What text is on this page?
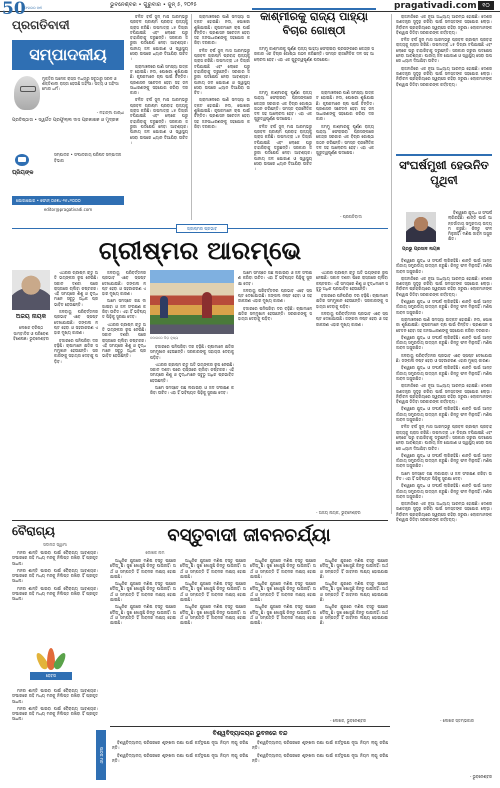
50
ସଫଳତାର ବର୍ଷ	ଭୁବନେଶ୍ବର • ଗୁରୁବାର • ଜୁନ୍ ୫, ୨୦୨୫	pragativadi.com ୧୦
ପ୍ରଗତିବାଦୀ
ସମ୍ପାଦକୀୟ
ମୁକ୍ତିର ଅନେକ ରାସ୍ତା ମଧ୍ୟରୁ ସବୁଠାରୁ ସରଳ ଓ ଶକ୍ତିଶାଳୀ ରାସ୍ତା ହେଉଛି ଅହିଂସା। ସତ୍ୟ ଓ ଅହିଂସା ମୋର ଧର୍ମ।
- ମହାତ୍ମା ଗାନ୍ଧୀ
ପ୍ରତିଷ୍ଠାତା • ସ୍ୱର୍ଗତ ପ୍ରଫୁଲ୍ଲ ଦାସ ପ୍ରକାଶକ ଓ ମୁଦ୍ରକ
ପ୍ରିୟଙ୍କ
ସମ୍ପାଦକ • ସଂପାଦକୀୟ ପରିଷଦ ସମ୍ପାଦନା ବିଭାଗ
ଯୋଗାଯୋଗ • ଫୋନ୍ ୦୬୭୪-୨୫୪୨୦୦୦
editor@pragativadi.com

ଚଳିତ ବର୍ଷ ଜୁନ୍ ମାସ ଆରମ୍ଭରୁ ପ୍ରବଳ ଗ୍ରୀଷ୍ମ ପ୍ରବାହ ରାଜ୍ୟକୁ ଗ୍ରାସ କରିଛି। ତାପମାତ୍ରା ୪୫ ଡିଗ୍ରୀ ଟପିଯାଇଛି ଏବଂ ଲୋକେ ଘରୁ ବାହାରିବାକୁ ଡରୁଛନ୍ତି। ସରକାର ଜରୁରୀ ପଦକ୍ଷେପ ନେବା ଆବଶ୍ୟକ। ପାନୀୟ ଜଳ ଯୋଗାଣ ଓ ସ୍ୱାସ୍ଥ୍ୟ ସେବା ଉପରେ ଧ୍ୟାନ ଦିଆଯିବା ଉଚିତ।

ଗ୍ରାମାଞ୍ଚଳରେ ପାଣି ସମସ୍ୟା ଉତ୍କଟ ହୋଇଛି। ନଦୀ, ପୋଖରୀ ଶୁଖିଯାଇଛି। କୃଷକମାନେ ଚାଷ ପାଇଁ ଚିନ୍ତିତ। ପ୍ରଶାସନ ସଚେତନ ହେବା ସହ ଜନସାଧାରଣଙ୍କୁ ସହଯୋଗ କରିବା ଦରକାର।

ଚଳିତ ବର୍ଷ ଜୁନ୍ ମାସ ଆରମ୍ଭରୁ ପ୍ରବଳ ଗ୍ରୀଷ୍ମ ପ୍ରବାହ ରାଜ୍ୟକୁ ଗ୍ରାସ କରିଛି। ତାପମାତ୍ରା ୪୫ ଡିଗ୍ରୀ ଟପିଯାଇଛି ଏବଂ ଲୋକେ ଘରୁ ବାହାରିବାକୁ ଡରୁଛନ୍ତି। ସରକାର ଜରୁରୀ ପଦକ୍ଷେପ ନେବା ଆବଶ୍ୟକ। ପାନୀୟ ଜଳ ଯୋଗାଣ ଓ ସ୍ୱାସ୍ଥ୍ୟ ସେବା ଉପରେ ଧ୍ୟାନ ଦିଆଯିବା ଉଚିତ।

ଗ୍ରାମାଞ୍ଚଳରେ ପାଣି ସମସ୍ୟା ଉତ୍କଟ ହୋଇଛି। ନଦୀ, ପୋଖରୀ ଶୁଖିଯାଇଛି। କୃଷକମାନେ ଚାଷ ପାଇଁ ଚିନ୍ତିତ। ପ୍ରଶାସନ ସଚେତନ ହେବା ସହ ଜନସାଧାରଣଙ୍କୁ ସହଯୋଗ କରିବା ଦରକାର।

ଚଳିତ ବର୍ଷ ଜୁନ୍ ମାସ ଆରମ୍ଭରୁ ପ୍ରବଳ ଗ୍ରୀଷ୍ମ ପ୍ରବାହ ରାଜ୍ୟକୁ ଗ୍ରାସ କରିଛି। ତାପମାତ୍ରା ୪୫ ଡିଗ୍ରୀ ଟପିଯାଇଛି ଏବଂ ଲୋକେ ଘରୁ ବାହାରିବାକୁ ଡରୁଛନ୍ତି। ସରକାର ଜରୁରୀ ପଦକ୍ଷେପ ନେବା ଆବଶ୍ୟକ। ପାନୀୟ ଜଳ ଯୋଗାଣ ଓ ସ୍ୱାସ୍ଥ୍ୟ ସେବା ଉପରେ ଧ୍ୟାନ ଦିଆଯିବା ଉଚିତ।

ଗ୍ରାମାଞ୍ଚଳରେ ପାଣି ସମସ୍ୟା ଉତ୍କଟ ହୋଇଛି। ନଦୀ, ପୋଖରୀ ଶୁଖିଯାଇଛି। କୃଷକମାନେ ଚାଷ ପାଇଁ ଚିନ୍ତିତ। ପ୍ରଶାସନ ସଚେତନ ହେବା ସହ ଜନସାଧାରଣଙ୍କୁ ସହଯୋଗ କରିବା ଦରକାର।

କାଶ୍ମୀରକୁ ରାଜ୍ୟ ପାହ୍ୟା ବିଚାର ଗୋଷ୍ଠୀ

ଜମ୍ମୁ କାଶ୍ମୀରକୁ ପୂର୍ଣ୍ଣ ରାଜ୍ୟ ପାହ୍ୟା ଫେରାଇବା ପ୍ରସଙ୍ଗରେ କେନ୍ଦ୍ର ସରକାର ଏକ ବିଚାର ଗୋଷ୍ଠୀ ଗଠନ କରିଛନ୍ତି। ସମସ୍ତ ରାଜନୈତିକ ଦଳ ସହ ଆଲୋଚନା ହେବ। ଏହା ଏକ ଗୁରୁତ୍ୱପୂର୍ଣ୍ଣ ପଦକ୍ଷେପ।

ଜମ୍ମୁ କାଶ୍ମୀରକୁ ପୂର୍ଣ୍ଣ ରାଜ୍ୟ ପାହ୍ୟା ଫେରାଇବା ପ୍ରସଙ୍ଗରେ କେନ୍ଦ୍ର ସରକାର ଏକ ବିଚାର ଗୋଷ୍ଠୀ ଗଠନ କରିଛନ୍ତି। ସମସ୍ତ ରାଜନୈତିକ ଦଳ ସହ ଆଲୋଚନା ହେବ। ଏହା ଏକ ଗୁରୁତ୍ୱପୂର୍ଣ୍ଣ ପଦକ୍ଷେପ।

ଚଳିତ ବର୍ଷ ଜୁନ୍ ମାସ ଆରମ୍ଭରୁ ପ୍ରବଳ ଗ୍ରୀଷ୍ମ ପ୍ରବାହ ରାଜ୍ୟକୁ ଗ୍ରାସ କରିଛି। ତାପମାତ୍ରା ୪୫ ଡିଗ୍ରୀ ଟପିଯାଇଛି ଏବଂ ଲୋକେ ଘରୁ ବାହାରିବାକୁ ଡରୁଛନ୍ତି। ସରକାର ଜରୁରୀ ପଦକ୍ଷେପ ନେବା ଆବଶ୍ୟକ। ପାନୀୟ ଜଳ ଯୋଗାଣ ଓ ସ୍ୱାସ୍ଥ୍ୟ ସେବା ଉପରେ ଧ୍ୟାନ ଦିଆଯିବା ଉଚିତ।

ଗ୍ରାମାଞ୍ଚଳରେ ପାଣି ସମସ୍ୟା ଉତ୍କଟ ହୋଇଛି। ନଦୀ, ପୋଖରୀ ଶୁଖିଯାଇଛି। କୃଷକମାନେ ଚାଷ ପାଇଁ ଚିନ୍ତିତ। ପ୍ରଶାସନ ସଚେତନ ହେବା ସହ ଜନସାଧାରଣଙ୍କୁ ସହଯୋଗ କରିବା ଦରକାର।

ଜମ୍ମୁ କାଶ୍ମୀରକୁ ପୂର୍ଣ୍ଣ ରାଜ୍ୟ ପାହ୍ୟା ଫେରାଇବା ପ୍ରସଙ୍ଗରେ କେନ୍ଦ୍ର ସରକାର ଏକ ବିଚାର ଗୋଷ୍ଠୀ ଗଠନ କରିଛନ୍ତି। ସମସ୍ତ ରାଜନୈତିକ ଦଳ ସହ ଆଲୋଚନା ହେବ। ଏହା ଏକ ଗୁରୁତ୍ୱପୂର୍ଣ୍ଣ ପଦକ୍ଷେପ।

- ପ୍ରଗତିବାଦୀ

ରାଜନୀତିରେ ଏକ ନୂଆ ଅଧ୍ୟାୟ ଆରମ୍ଭ ହୋଇଛି। ଦେଶର ଗଣତନ୍ତ୍ର ସୁଦୃଢ଼ କରିବା ପାଇଁ ସମସ୍ତଙ୍କ ସହଯୋଗ ଲୋଡ଼ା। ନିର୍ବାଚନ ପ୍ରକ୍ରିୟାରେ ସ୍ୱଚ୍ଛତା ରହିବା ଜରୁରୀ। ଲୋକମାନଙ୍କ ବିଶ୍ୱାସ ଜିତିବା ସରକାରଙ୍କ କର୍ତ୍ତବ୍ୟ।

ଚଳିତ ବର୍ଷ ଜୁନ୍ ମାସ ଆରମ୍ଭରୁ ପ୍ରବଳ ଗ୍ରୀଷ୍ମ ପ୍ରବାହ ରାଜ୍ୟକୁ ଗ୍ରାସ କରିଛି। ତାପମାତ୍ରା ୪୫ ଡିଗ୍ରୀ ଟପିଯାଇଛି ଏବଂ ଲୋକେ ଘରୁ ବାହାରିବାକୁ ଡରୁଛନ୍ତି। ସରକାର ଜରୁରୀ ପଦକ୍ଷେପ ନେବା ଆବଶ୍ୟକ। ପାନୀୟ ଜଳ ଯୋଗାଣ ଓ ସ୍ୱାସ୍ଥ୍ୟ ସେବା ଉପରେ ଧ୍ୟାନ ଦିଆଯିବା ଉଚିତ।

ରାଜନୀତିରେ ଏକ ନୂଆ ଅଧ୍ୟାୟ ଆରମ୍ଭ ହୋଇଛି। ଦେଶର ଗଣତନ୍ତ୍ର ସୁଦୃଢ଼ କରିବା ପାଇଁ ସମସ୍ତଙ୍କ ସହଯୋଗ ଲୋଡ଼ା। ନିର୍ବାଚନ ପ୍ରକ୍ରିୟାରେ ସ୍ୱଚ୍ଛତା ରହିବା ଜରୁରୀ। ଲୋକମାନଙ୍କ ବିଶ୍ୱାସ ଜିତିବା ସରକାରଙ୍କ କର୍ତ୍ତବ୍ୟ।

ଗ୍ରୀଷ୍ମର ପ୍ରଭାବ
ଗ୍ରୀଷ୍ମର ଆରମ୍ଭେ
ଅଜୟ ନାୟକ
ଲେଖକ ବରିଷ୍ଠ ସାମ୍ବାଦିକ ଓ ପରିବେଶ ବିଶେଷଜ୍ଞ। ଭୁବନେଶ୍ବର

ଏଥରର ଗ୍ରୀଷ୍ମ ଋତୁ ଅତି ଭୟଙ୍କର ରୂପ ନେଇଛି। ସକାଳ ଦଶଟା ପରେ ରାସ୍ତାରେ ଚାଲିବା କଷ୍ଟକର। ଏହି ସମୟରେ ଶିଶୁ ଓ ବୃଦ୍ଧମାନେ ସବୁଠୁ ଅଧିକ ପ୍ରଭାବିତ ହେଉଛନ୍ତି।

ଜଳବାୟୁ ପରିବର୍ତ୍ତନର ପ୍ରଭାବ ଏବେ ସ୍ପଷ୍ଟ ଦେଖାଯାଉଛି। ଜଙ୍ଗଲ ନଷ୍ଟ ହେବା ଓ ସହରୀକରଣ ଏହାର ମୁଖ୍ୟ କାରଣ।

ବଜାରରେ ପନିପରିବା ଦର ବଢ଼ିଛି। ଚାଷୀମାନେ କ୍ଷତିର ସମ୍ମୁଖୀନ ହେଉଛନ୍ତି। ସରକାରଙ୍କୁ ସହାୟତା ଦେବାକୁ ପଡ଼ିବ।

ଜଳବାୟୁ ପରିବର୍ତ୍ତନର ପ୍ରଭାବ ଏବେ ସ୍ପଷ୍ଟ ଦେଖାଯାଉଛି। ଜଙ୍ଗଲ ନଷ୍ଟ ହେବା ଓ ସହରୀକରଣ ଏହାର ମୁଖ୍ୟ କାରଣ।

ଆମେ ସମସ୍ତେ ଗଛ ଲଗାଇବା ଓ ଜଳ ସଂରକ୍ଷଣ କରିବା ଉଚିତ। ଏହା ହିଁ ଭବିଷ୍ୟତ ପିଢ଼ିକୁ ସୁରକ୍ଷା ଦେବ।

ଏଥରର ଗ୍ରୀଷ୍ମ ଋତୁ ଅତି ଭୟଙ୍କର ରୂପ ନେଇଛି। ସକାଳ ଦଶଟା ପରେ ରାସ୍ତାରେ ଚାଲିବା କଷ୍ଟକର। ଏହି ସମୟରେ ଶିଶୁ ଓ ବୃଦ୍ଧମାନେ ସବୁଠୁ ଅଧିକ ପ୍ରଭାବିତ ହେଉଛନ୍ତି।

ବଜାରରେ ଭିଡ଼ ଦୃଶ୍ୟ

ବଜାରରେ ପନିପରିବା ଦର ବଢ଼ିଛି। ଚାଷୀମାନେ କ୍ଷତିର ସମ୍ମୁଖୀନ ହେଉଛନ୍ତି। ସରକାରଙ୍କୁ ସହାୟତା ଦେବାକୁ ପଡ଼ିବ।

ଏଥରର ଗ୍ରୀଷ୍ମ ଋତୁ ଅତି ଭୟଙ୍କର ରୂପ ନେଇଛି। ସକାଳ ଦଶଟା ପରେ ରାସ୍ତାରେ ଚାଲିବା କଷ୍ଟକର। ଏହି ସମୟରେ ଶିଶୁ ଓ ବୃଦ୍ଧମାନେ ସବୁଠୁ ଅଧିକ ପ୍ରଭାବିତ ହେଉଛନ୍ତି।

ଆମେ ସମସ୍ତେ ଗଛ ଲଗାଇବା ଓ ଜଳ ସଂରକ୍ଷଣ କରିବା ଉଚିତ। ଏହା ହିଁ ଭବିଷ୍ୟତ ପିଢ଼ିକୁ ସୁରକ୍ଷା ଦେବ।

ଆମେ ସମସ୍ତେ ଗଛ ଲଗାଇବା ଓ ଜଳ ସଂରକ୍ଷଣ କରିବା ଉଚିତ। ଏହା ହିଁ ଭବିଷ୍ୟତ ପିଢ଼ିକୁ ସୁରକ୍ଷା ଦେବ।

ଜଳବାୟୁ ପରିବର୍ତ୍ତନର ପ୍ରଭାବ ଏବେ ସ୍ପଷ୍ଟ ଦେଖାଯାଉଛି। ଜଙ୍ଗଲ ନଷ୍ଟ ହେବା ଓ ସହରୀକରଣ ଏହାର ମୁଖ୍ୟ କାରଣ।

ବଜାରରେ ପନିପରିବା ଦର ବଢ଼ିଛି। ଚାଷୀମାନେ କ୍ଷତିର ସମ୍ମୁଖୀନ ହେଉଛନ୍ତି। ସରକାରଙ୍କୁ ସହାୟତା ଦେବାକୁ ପଡ଼ିବ।

ଏଥରର ଗ୍ରୀଷ୍ମ ଋତୁ ଅତି ଭୟଙ୍କର ରୂପ ନେଇଛି। ସକାଳ ଦଶଟା ପରେ ରାସ୍ତାରେ ଚାଲିବା କଷ୍ଟକର। ଏହି ସମୟରେ ଶିଶୁ ଓ ବୃଦ୍ଧମାନେ ସବୁଠୁ ଅଧିକ ପ୍ରଭାବିତ ହେଉଛନ୍ତି।

ବଜାରରେ ପନିପରିବା ଦର ବଢ଼ିଛି। ଚାଷୀମାନେ କ୍ଷତିର ସମ୍ମୁଖୀନ ହେଉଛନ୍ତି। ସରକାରଙ୍କୁ ସହାୟତା ଦେବାକୁ ପଡ଼ିବ।

ଜଳବାୟୁ ପରିବର୍ତ୍ତନର ପ୍ରଭାବ ଏବେ ସ୍ପଷ୍ଟ ଦେଖାଯାଉଛି। ଜଙ୍ଗଲ ନଷ୍ଟ ହେବା ଓ ସହରୀକରଣ ଏହାର ମୁଖ୍ୟ କାରଣ।

- ଅଜୟ ନାୟକ, ଭୁବନେଶ୍ବର
ସଂଘର୍ଷମୁଖୀ ହେଉନିତ ପୃଥିବୀ
ପ୍ରଭୁ ପ୍ରସାଦ ନାୟକ

ବିଶ୍ୱରେ ଯୁଦ୍ଧ ଓ ସଂଘର୍ଷ ଲାଗିରହିଛି। ଶାନ୍ତି ପାଇଁ ଆନ୍ତର୍ଜାତୀୟ ସମ୍ପ୍ରଦାୟ ଉଦ୍ୟମ କରୁଛି। କିନ୍ତୁ ଫଳ ମିଳୁନାହିଁ। ମଣିଷ ଜୀବନ ଅସୁରକ୍ଷିତ।

ବିଶ୍ୱରେ ଯୁଦ୍ଧ ଓ ସଂଘର୍ଷ ଲାଗିରହିଛି। ଶାନ୍ତି ପାଇଁ ଆନ୍ତର୍ଜାତୀୟ ସମ୍ପ୍ରଦାୟ ଉଦ୍ୟମ କରୁଛି। କିନ୍ତୁ ଫଳ ମିଳୁନାହିଁ। ମଣିଷ ଜୀବନ ଅସୁରକ୍ଷିତ।

ରାଜନୀତିରେ ଏକ ନୂଆ ଅଧ୍ୟାୟ ଆରମ୍ଭ ହୋଇଛି। ଦେଶର ଗଣତନ୍ତ୍ର ସୁଦୃଢ଼ କରିବା ପାଇଁ ସମସ୍ତଙ୍କ ସହଯୋଗ ଲୋଡ଼ା। ନିର୍ବାଚନ ପ୍ରକ୍ରିୟାରେ ସ୍ୱଚ୍ଛତା ରହିବା ଜରୁରୀ। ଲୋକମାନଙ୍କ ବିଶ୍ୱାସ ଜିତିବା ସରକାରଙ୍କ କର୍ତ୍ତବ୍ୟ।

ବିଶ୍ୱରେ ଯୁଦ୍ଧ ଓ ସଂଘର୍ଷ ଲାଗିରହିଛି। ଶାନ୍ତି ପାଇଁ ଆନ୍ତର୍ଜାତୀୟ ସମ୍ପ୍ରଦାୟ ଉଦ୍ୟମ କରୁଛି। କିନ୍ତୁ ଫଳ ମିଳୁନାହିଁ। ମଣିଷ ଜୀବନ ଅସୁରକ୍ଷିତ।

ଗ୍ରାମାଞ୍ଚଳରେ ପାଣି ସମସ୍ୟା ଉତ୍କଟ ହୋଇଛି। ନଦୀ, ପୋଖରୀ ଶୁଖିଯାଇଛି। କୃଷକମାନେ ଚାଷ ପାଇଁ ଚିନ୍ତିତ। ପ୍ରଶାସନ ସଚେତନ ହେବା ସହ ଜନସାଧାରଣଙ୍କୁ ସହଯୋଗ କରିବା ଦରକାର।

ବିଶ୍ୱରେ ଯୁଦ୍ଧ ଓ ସଂଘର୍ଷ ଲାଗିରହିଛି। ଶାନ୍ତି ପାଇଁ ଆନ୍ତର୍ଜାତୀୟ ସମ୍ପ୍ରଦାୟ ଉଦ୍ୟମ କରୁଛି। କିନ୍ତୁ ଫଳ ମିଳୁନାହିଁ। ମଣିଷ ଜୀବନ ଅସୁରକ୍ଷିତ।

ଜଳବାୟୁ ପରିବର୍ତ୍ତନର ପ୍ରଭାବ ଏବେ ସ୍ପଷ୍ଟ ଦେଖାଯାଉଛି। ଜଙ୍ଗଲ ନଷ୍ଟ ହେବା ଓ ସହରୀକରଣ ଏହାର ମୁଖ୍ୟ କାରଣ।

ବିଶ୍ୱରେ ଯୁଦ୍ଧ ଓ ସଂଘର୍ଷ ଲାଗିରହିଛି। ଶାନ୍ତି ପାଇଁ ଆନ୍ତର୍ଜାତୀୟ ସମ୍ପ୍ରଦାୟ ଉଦ୍ୟମ କରୁଛି। କିନ୍ତୁ ଫଳ ମିଳୁନାହିଁ। ମଣିଷ ଜୀବନ ଅସୁରକ୍ଷିତ।

ରାଜନୀତିରେ ଏକ ନୂଆ ଅଧ୍ୟାୟ ଆରମ୍ଭ ହୋଇଛି। ଦେଶର ଗଣତନ୍ତ୍ର ସୁଦୃଢ଼ କରିବା ପାଇଁ ସମସ୍ତଙ୍କ ସହଯୋଗ ଲୋଡ଼ା। ନିର୍ବାଚନ ପ୍ରକ୍ରିୟାରେ ସ୍ୱଚ୍ଛତା ରହିବା ଜରୁରୀ। ଲୋକମାନଙ୍କ ବିଶ୍ୱାସ ଜିତିବା ସରକାରଙ୍କ କର୍ତ୍ତବ୍ୟ।

ବିଶ୍ୱରେ ଯୁଦ୍ଧ ଓ ସଂଘର୍ଷ ଲାଗିରହିଛି। ଶାନ୍ତି ପାଇଁ ଆନ୍ତର୍ଜାତୀୟ ସମ୍ପ୍ରଦାୟ ଉଦ୍ୟମ କରୁଛି। କିନ୍ତୁ ଫଳ ମିଳୁନାହିଁ। ମଣିଷ ଜୀବନ ଅସୁରକ୍ଷିତ।

ଚଳିତ ବର୍ଷ ଜୁନ୍ ମାସ ଆରମ୍ଭରୁ ପ୍ରବଳ ଗ୍ରୀଷ୍ମ ପ୍ରବାହ ରାଜ୍ୟକୁ ଗ୍ରାସ କରିଛି। ତାପମାତ୍ରା ୪୫ ଡିଗ୍ରୀ ଟପିଯାଇଛି ଏବଂ ଲୋକେ ଘରୁ ବାହାରିବାକୁ ଡରୁଛନ୍ତି। ସରକାର ଜରୁରୀ ପଦକ୍ଷେପ ନେବା ଆବଶ୍ୟକ। ପାନୀୟ ଜଳ ଯୋଗାଣ ଓ ସ୍ୱାସ୍ଥ୍ୟ ସେବା ଉପରେ ଧ୍ୟାନ ଦିଆଯିବା ଉଚିତ।

ବିଶ୍ୱରେ ଯୁଦ୍ଧ ଓ ସଂଘର୍ଷ ଲାଗିରହିଛି। ଶାନ୍ତି ପାଇଁ ଆନ୍ତର୍ଜାତୀୟ ସମ୍ପ୍ରଦାୟ ଉଦ୍ୟମ କରୁଛି। କିନ୍ତୁ ଫଳ ମିଳୁନାହିଁ। ମଣିଷ ଜୀବନ ଅସୁରକ୍ଷିତ।

ଆମେ ସମସ୍ତେ ଗଛ ଲଗାଇବା ଓ ଜଳ ସଂରକ୍ଷଣ କରିବା ଉଚିତ। ଏହା ହିଁ ଭବିଷ୍ୟତ ପିଢ଼ିକୁ ସୁରକ୍ଷା ଦେବ।

ବିଶ୍ୱରେ ଯୁଦ୍ଧ ଓ ସଂଘର୍ଷ ଲାଗିରହିଛି। ଶାନ୍ତି ପାଇଁ ଆନ୍ତର୍ଜାତୀୟ ସମ୍ପ୍ରଦାୟ ଉଦ୍ୟମ କରୁଛି। କିନ୍ତୁ ଫଳ ମିଳୁନାହିଁ। ମଣିଷ ଜୀବନ ଅସୁରକ୍ଷିତ।

ରାଜନୀତିରେ ଏକ ନୂଆ ଅଧ୍ୟାୟ ଆରମ୍ଭ ହୋଇଛି। ଦେଶର ଗଣତନ୍ତ୍ର ସୁଦୃଢ଼ କରିବା ପାଇଁ ସମସ୍ତଙ୍କ ସହଯୋଗ ଲୋଡ଼ା। ନିର୍ବାଚନ ପ୍ରକ୍ରିୟାରେ ସ୍ୱଚ୍ଛତା ରହିବା ଜରୁରୀ। ଲୋକମାନଙ୍କ ବିଶ୍ୱାସ ଜିତିବା ସରକାରଙ୍କ କର୍ତ୍ତବ୍ୟ।

- ଲେଖକ ସ୍ତମ୍ଭକାର
ବୈରାଗ୍ୟ
ସଦାନନ୍ଦ ସ୍ୱାମୀ

ମନର ଶାନ୍ତି ପାଇବା ପାଇଁ ବୈରାଗ୍ୟ ଆବଶ୍ୟକ। ସଂସାରରେ ରହି ମଧ୍ୟ ମନକୁ ନିଲିପ୍ତ ରଖିବା ହିଁ ପ୍ରକୃତ ସାଧନା।

ମନର ଶାନ୍ତି ପାଇବା ପାଇଁ ବୈରାଗ୍ୟ ଆବଶ୍ୟକ। ସଂସାରରେ ରହି ମଧ୍ୟ ମନକୁ ନିଲିପ୍ତ ରଖିବା ହିଁ ପ୍ରକୃତ ସାଧନା।

ମନର ଶାନ୍ତି ପାଇବା ପାଇଁ ବୈରାଗ୍ୟ ଆବଶ୍ୟକ। ସଂସାରରେ ରହି ମଧ୍ୟ ମନକୁ ନିଲିପ୍ତ ରଖିବା ହିଁ ପ୍ରକୃତ ସାଧନା।

ହେବତା

ମନର ଶାନ୍ତି ପାଇବା ପାଇଁ ବୈରାଗ୍ୟ ଆବଶ୍ୟକ। ସଂସାରରେ ରହି ମଧ୍ୟ ମନକୁ ନିଲିପ୍ତ ରଖିବା ହିଁ ପ୍ରକୃତ ସାଧନା।

ମନର ଶାନ୍ତି ପାଇବା ପାଇଁ ବୈରାଗ୍ୟ ଆବଶ୍ୟକ। ସଂସାରରେ ରହି ମଧ୍ୟ ମନକୁ ନିଲିପ୍ତ ରଖିବା ହିଁ ପ୍ରକୃତ ସାଧନା।

ବସ୍ତୁବାଦୀ ଜୀବନଚର୍ଯ୍ୟା
ଲେଖକ ନାମ

ଆଧୁନିକ ଯୁଗରେ ମଣିଷ ବସ୍ତୁ ପଛରେ ଦୌଡ଼ୁଛି। ସୁଖ ଖୋଜୁଛି କିନ୍ତୁ ପାଉନାହିଁ। ଅର୍ଥ ଓ ସମ୍ପତ୍ତି ହିଁ ଜୀବନର ଲକ୍ଷ୍ୟ ହୋଇଯାଇଛି।

ଆଧୁନିକ ଯୁଗରେ ମଣିଷ ବସ୍ତୁ ପଛରେ ଦୌଡ଼ୁଛି। ସୁଖ ଖୋଜୁଛି କିନ୍ତୁ ପାଉନାହିଁ। ଅର୍ଥ ଓ ସମ୍ପତ୍ତି ହିଁ ଜୀବନର ଲକ୍ଷ୍ୟ ହୋଇଯାଇଛି।

ଆଧୁନିକ ଯୁଗରେ ମଣିଷ ବସ୍ତୁ ପଛରେ ଦୌଡ଼ୁଛି। ସୁଖ ଖୋଜୁଛି କିନ୍ତୁ ପାଉନାହିଁ। ଅର୍ଥ ଓ ସମ୍ପତ୍ତି ହିଁ ଜୀବନର ଲକ୍ଷ୍ୟ ହୋଇଯାଇଛି।

ଆଧୁନିକ ଯୁଗରେ ମଣିଷ ବସ୍ତୁ ପଛରେ ଦୌଡ଼ୁଛି। ସୁଖ ଖୋଜୁଛି କିନ୍ତୁ ପାଉନାହିଁ। ଅର୍ଥ ଓ ସମ୍ପତ୍ତି ହିଁ ଜୀବନର ଲକ୍ଷ୍ୟ ହୋଇଯାଇଛି।

ଆଧୁନିକ ଯୁଗରେ ମଣିଷ ବସ୍ତୁ ପଛରେ ଦୌଡ଼ୁଛି। ସୁଖ ଖୋଜୁଛି କିନ୍ତୁ ପାଉନାହିଁ। ଅର୍ଥ ଓ ସମ୍ପତ୍ତି ହିଁ ଜୀବନର ଲକ୍ଷ୍ୟ ହୋଇଯାଇଛି।

ଆଧୁନିକ ଯୁଗରେ ମଣିଷ ବସ୍ତୁ ପଛରେ ଦୌଡ଼ୁଛି। ସୁଖ ଖୋଜୁଛି କିନ୍ତୁ ପାଉନାହିଁ। ଅର୍ଥ ଓ ସମ୍ପତ୍ତି ହିଁ ଜୀବନର ଲକ୍ଷ୍ୟ ହୋଇଯାଇଛି।

ଆଧୁନିକ ଯୁଗରେ ମଣିଷ ବସ୍ତୁ ପଛରେ ଦୌଡ଼ୁଛି। ସୁଖ ଖୋଜୁଛି କିନ୍ତୁ ପାଉନାହିଁ। ଅର୍ଥ ଓ ସମ୍ପତ୍ତି ହିଁ ଜୀବନର ଲକ୍ଷ୍ୟ ହୋଇଯାଇଛି।

ଆଧୁନିକ ଯୁଗରେ ମଣିଷ ବସ୍ତୁ ପଛରେ ଦୌଡ଼ୁଛି। ସୁଖ ଖୋଜୁଛି କିନ୍ତୁ ପାଉନାହିଁ। ଅର୍ଥ ଓ ସମ୍ପତ୍ତି ହିଁ ଜୀବନର ଲକ୍ଷ୍ୟ ହୋଇଯାଇଛି।

ଆଧୁନିକ ଯୁଗରେ ମଣିଷ ବସ୍ତୁ ପଛରେ ଦୌଡ଼ୁଛି। ସୁଖ ଖୋଜୁଛି କିନ୍ତୁ ପାଉନାହିଁ। ଅର୍ଥ ଓ ସମ୍ପତ୍ତି ହିଁ ଜୀବନର ଲକ୍ଷ୍ୟ ହୋଇଯାଇଛି।

ଆଧୁନିକ ଯୁଗରେ ମଣିଷ ବସ୍ତୁ ପଛରେ ଦୌଡ଼ୁଛି। ସୁଖ ଖୋଜୁଛି କିନ୍ତୁ ପାଉନାହିଁ। ଅର୍ଥ ଓ ସମ୍ପତ୍ତି ହିଁ ଜୀବନର ଲକ୍ଷ୍ୟ ହୋଇଯାଇଛି।

ଆଧୁନିକ ଯୁଗରେ ମଣିଷ ବସ୍ତୁ ପଛରେ ଦୌଡ଼ୁଛି। ସୁଖ ଖୋଜୁଛି କିନ୍ତୁ ପାଉନାହିଁ। ଅର୍ଥ ଓ ସମ୍ପତ୍ତି ହିଁ ଜୀବନର ଲକ୍ଷ୍ୟ ହୋଇଯାଇଛି।

ଆଧୁନିକ ଯୁଗରେ ମଣିଷ ବସ୍ତୁ ପଛରେ ଦୌଡ଼ୁଛି। ସୁଖ ଖୋଜୁଛି କିନ୍ତୁ ପାଉନାହିଁ। ଅର୍ଥ ଓ ସମ୍ପତ୍ତି ହିଁ ଜୀବନର ଲକ୍ଷ୍ୟ ହୋଇଯାଇଛି।

- ଲେଖକ, ଭୁବନେଶ୍ବର
ପାଠକ ମତ
ବିଶ୍ୱବିଦ୍ୟାଳୟର ଭୁବନରେ ବନ୍ଦ

ବିଶ୍ୱବିଦ୍ୟାଳୟ ପରିସରରେ ଶୃଙ୍ଖଳା ରକ୍ଷା ପାଇଁ କର୍ତ୍ତୃପକ୍ଷ ନୂଆ ନିୟମ ଲାଗୁ କରିଛନ୍ତି।

ବିଶ୍ୱବିଦ୍ୟାଳୟ ପରିସରରେ ଶୃଙ୍ଖଳା ରକ୍ଷା ପାଇଁ କର୍ତ୍ତୃପକ୍ଷ ନୂଆ ନିୟମ ଲାଗୁ କରିଛନ୍ତି।

ବିଶ୍ୱବିଦ୍ୟାଳୟ ପରିସରରେ ଶୃଙ୍ଖଳା ରକ୍ଷା ପାଇଁ କର୍ତ୍ତୃପକ୍ଷ ନୂଆ ନିୟମ ଲାଗୁ କରିଛନ୍ତି।

ବିଶ୍ୱବିଦ୍ୟାଳୟ ପରିସରରେ ଶୃଙ୍ଖଳା ରକ୍ଷା ପାଇଁ କର୍ତ୍ତୃପକ୍ଷ ନୂଆ ନିୟମ ଲାଗୁ କରିଛନ୍ତି।

- ଭୁବନେଶ୍ବର
